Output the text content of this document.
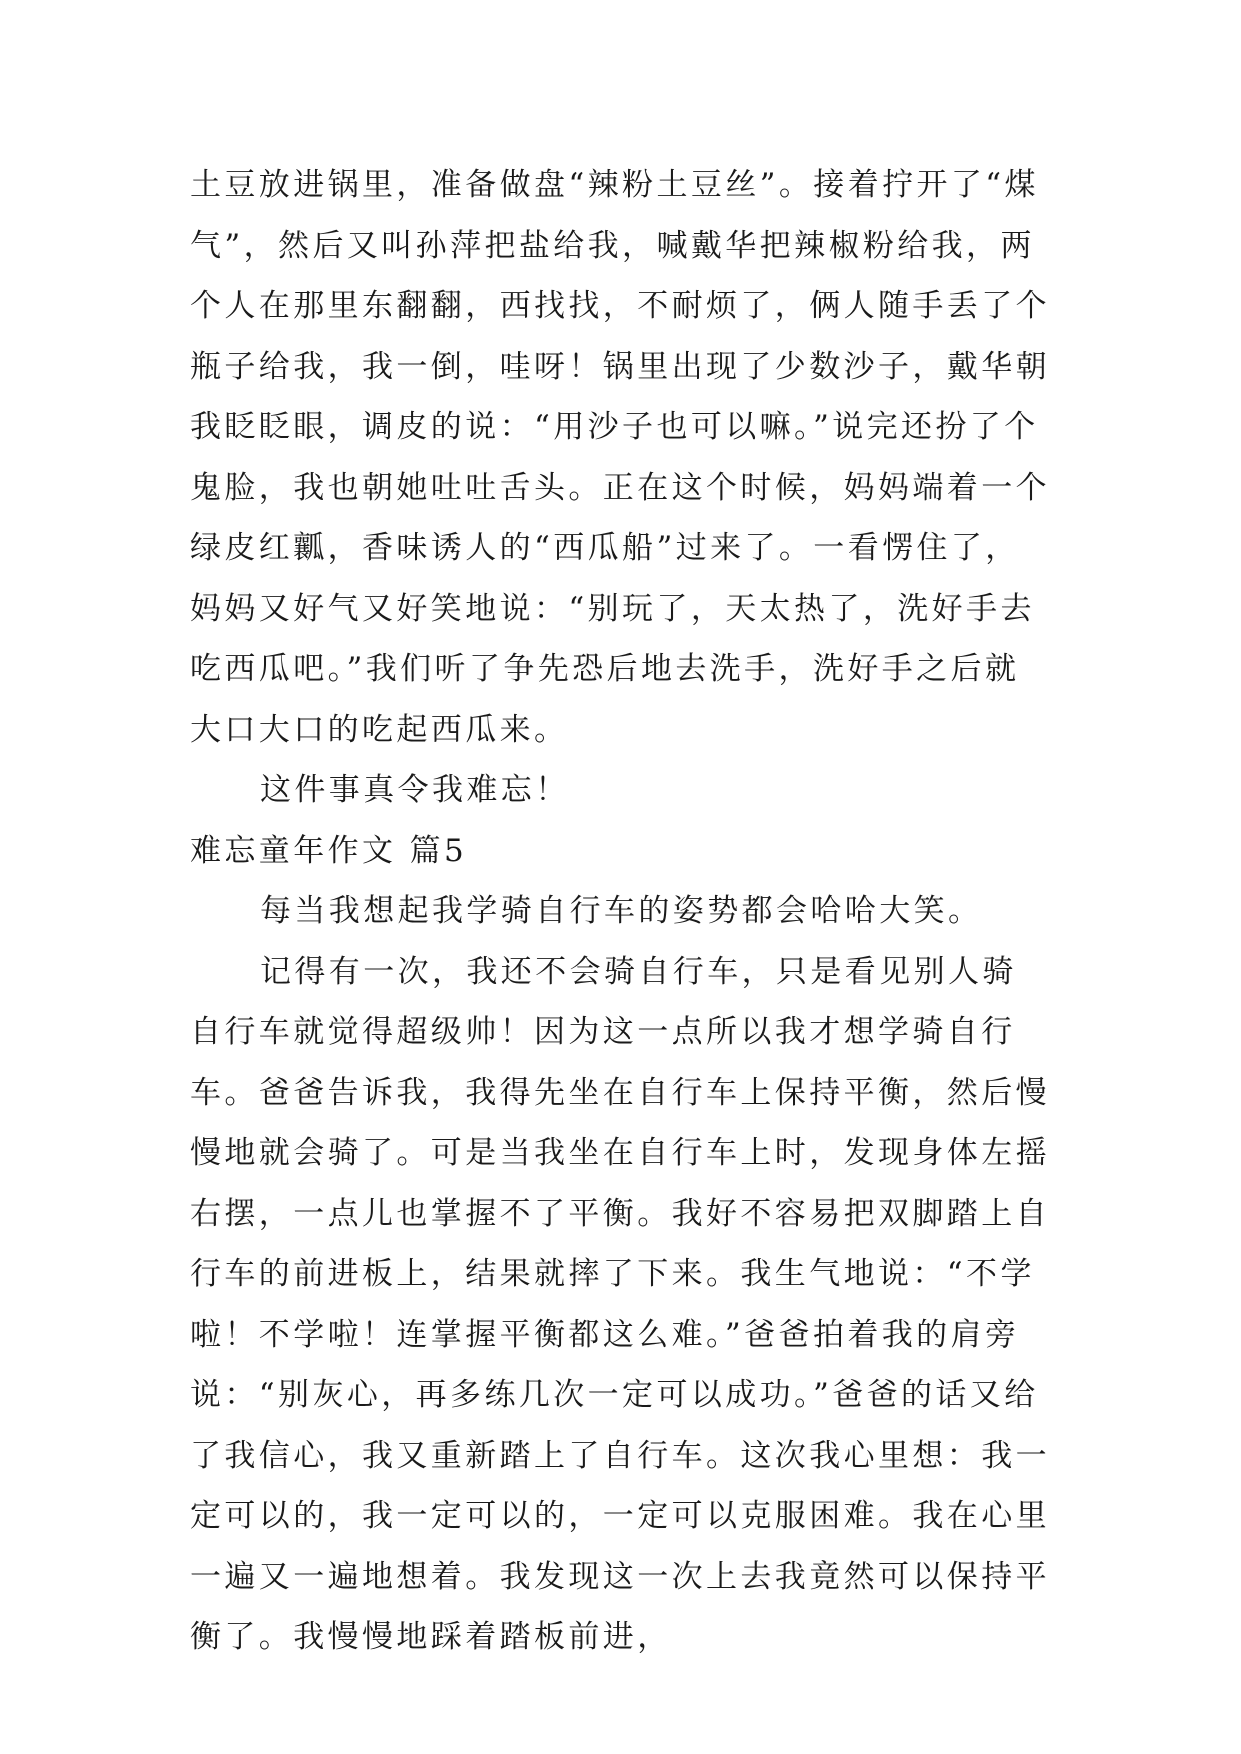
土豆放进锅里，准备做盘“辣粉土豆丝”。接着拧开了“煤气”，然后又叫孙萍把盐给我，喊戴华把辣椒粉给我，两个人在那里东翻翻，西找找，不耐烦了，俩人随手丢了个瓶子给我，我一倒，哇呀！锅里出现了少数沙子，戴华朝我眨眨眼，调皮的说：“用沙子也可以嘛。”说完还扮了个鬼脸，我也朝她吐吐舌头。正在这个时候，妈妈端着一个绿皮红瓤，香味诱人的“西瓜船”过来了。一看愣住了，妈妈又好气又好笑地说：“别玩了，天太热了，洗好手去吃西瓜吧。”我们听了争先恐后地去洗手，洗好手之后就大口大口的吃起西瓜来。

这件事真令我难忘！

难忘童年作文 篇5

每当我想起我学骑自行车的姿势都会哈哈大笑。

记得有一次，我还不会骑自行车，只是看见别人骑自行车就觉得超级帅！因为这一点所以我才想学骑自行车。爸爸告诉我，我得先坐在自行车上保持平衡，然后慢慢地就会骑了。可是当我坐在自行车上时，发现身体左摇右摆，一点儿也掌握不了平衡。我好不容易把双脚踏上自行车的前进板上，结果就摔了下来。我生气地说：“不学啦！不学啦！连掌握平衡都这么难。”爸爸拍着我的肩旁说：“别灰心，再多练几次一定可以成功。”爸爸的话又给了我信心，我又重新踏上了自行车。这次我心里想：我一定可以的，我一定可以的，一定可以克服困难。我在心里一遍又一遍地想着。我发现这一次上去我竟然可以保持平衡了。我慢慢地踩着踏板前进，
